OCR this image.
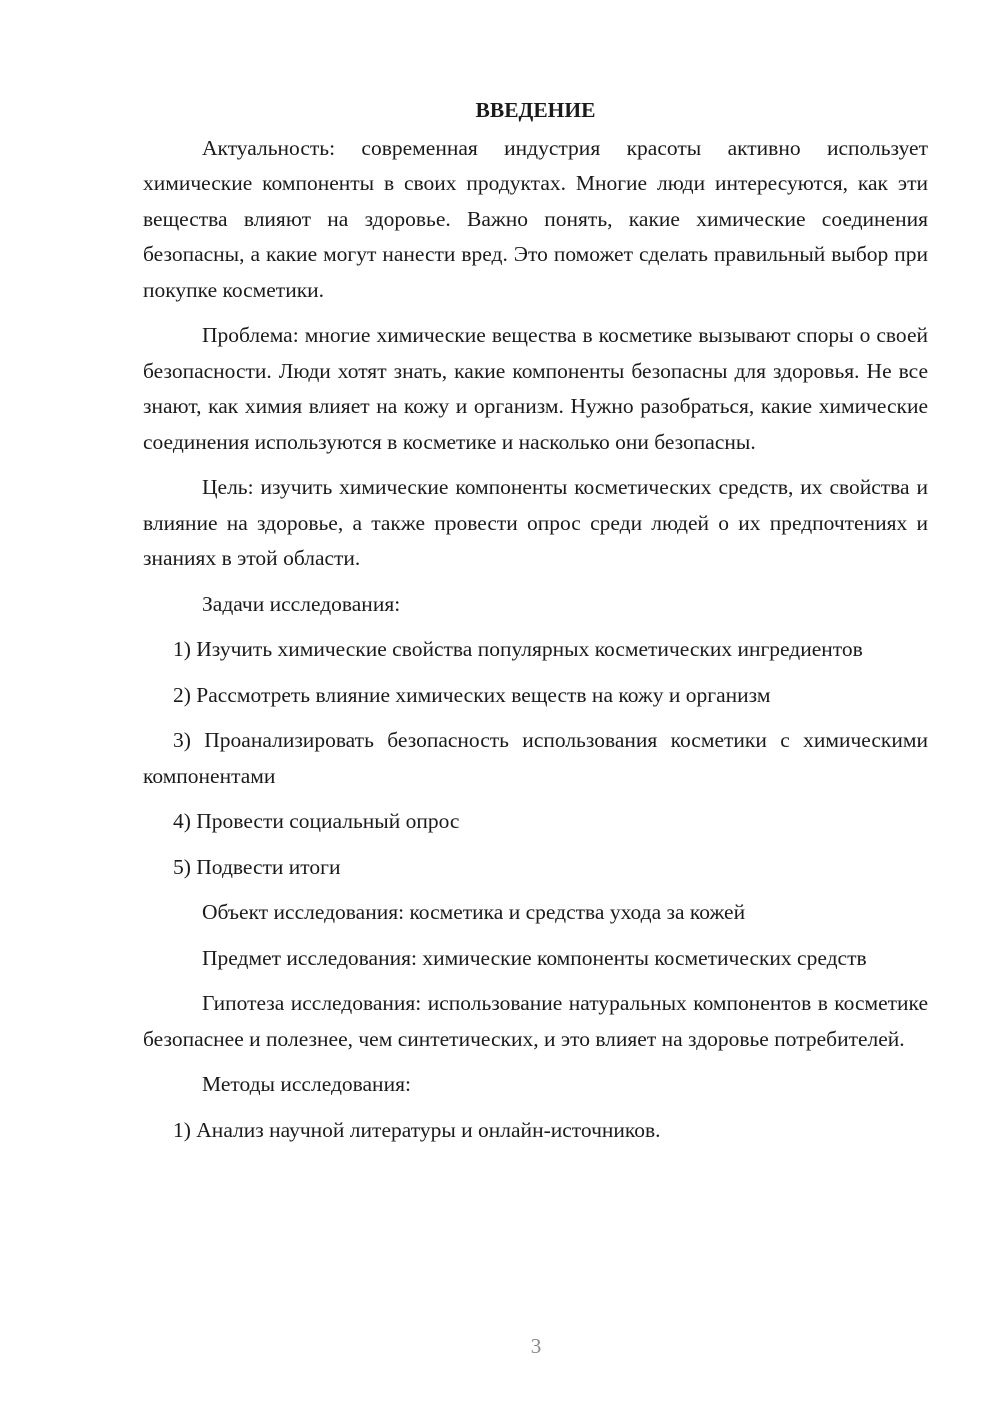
ВВЕДЕНИЕ

Актуальность: современная индустрия красоты активно использует химические компоненты в своих продуктах. Многие люди интересуются, как эти вещества влияют на здоровье. Важно понять, какие химические соединения безопасны, а какие могут нанести вред. Это поможет сделать правильный выбор при покупке косметики.

Проблема: многие химические вещества в косметике вызывают споры о своей безопасности. Люди хотят знать, какие компоненты безопасны для здоровья. Не все знают, как химия влияет на кожу и организм. Нужно разобраться, какие химические соединения используются в косметике и насколько они безопасны.

Цель: изучить химические компоненты косметических средств, их свойства и влияние на здоровье, а также провести опрос среди людей о их предпочтениях и знаниях в этой области.

Задачи исследования:

1) Изучить химические свойства популярных косметических ингредиентов

2) Рассмотреть влияние химических веществ на кожу и организм

3) Проанализировать безопасность использования косметики с химическими компонентами

4) Провести социальный опрос

5) Подвести итоги

Объект исследования: косметика и средства ухода за кожей

Предмет исследования: химические компоненты косметических средств

Гипотеза исследования: использование натуральных компонентов в косметике безопаснее и полезнее, чем синтетических, и это влияет на здоровье потребителей.

Методы исследования:

1) Анализ научной литературы и онлайн-источников.

3
